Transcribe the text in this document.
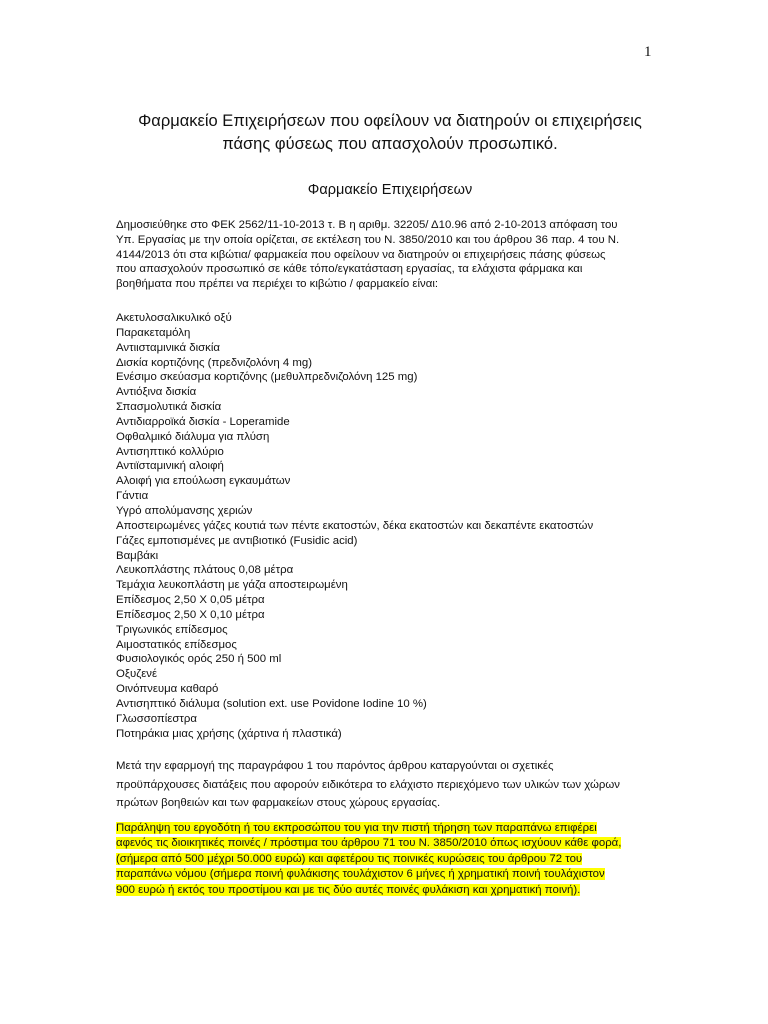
1
Φαρμακείο Επιχειρήσεων που οφείλουν να διατηρούν οι επιχειρήσεις
πάσης φύσεως που απασχολούν προσωπικό.
Φαρμακείο Επιχειρήσεων

Δημοσιεύθηκε στο ΦΕΚ 2562/11-10-2013 τ. Β η αριθμ. 32205/ Δ10.96 από 2-10-2013 απόφαση του

Υπ. Εργασίας με την οποία ορίζεται, σε εκτέλεση του Ν. 3850/2010 και του άρθρου 36 παρ. 4 του Ν.

4144/2013 ότι στα κιβώτια/ φαρμακεία που οφείλουν να διατηρούν οι επιχειρήσεις πάσης φύσεως

που απασχολούν προσωπικό σε κάθε τόπο/εγκατάσταση εργασίας, τα ελάχιστα φάρμακα και

βοηθήματα που πρέπει να περιέχει το κιβώτιο / φαρμακείο είναι:

Ακετυλοσαλικυλικό οξύ
Παρακεταμόλη
Αντιισταμινικά δισκία
Δισκία κορτιζόνης (πρεδνιζολόνη 4 mg)
Ενέσιμο σκεύασμα κορτιζόνης (μεθυλπρεδνιζολόνη 125 mg)
Αντιόξινα δισκία
Σπασμολυτικά δισκία
Αντιδιαρροϊκά δισκία - Loperamide
Οφθαλμικό διάλυμα για πλύση
Αντισηπτικό κολλύριο
Αντιϊσταμινική αλοιφή
Αλοιφή για επούλωση εγκαυμάτων
Γάντια
Υγρό απολύμανσης χεριών
Αποστειρωμένες γάζες κουτιά των πέντε εκατοστών, δέκα εκατοστών και δεκαπέντε εκατοστών
Γάζες εμποτισμένες με αντιβιοτικό (Fusidic acid)
Βαμβάκι
Λευκοπλάστης πλάτους 0,08 μέτρα
Τεμάχια λευκοπλάστη με γάζα αποστειρωμένη
Επίδεσμος 2,50 Χ 0,05 μέτρα
Επίδεσμος 2,50 Χ 0,10 μέτρα
Τριγωνικός επίδεσμος
Αιμοστατικός επίδεσμος
Φυσιολογικός ορός 250 ή 500 ml
Οξυζενέ
Οινόπνευμα καθαρό
Αντισηπτικό διάλυμα (solution ext. use Povidone Iodine 10 %)
Γλωσσοπίεστρα
Ποτηράκια μιας χρήσης (χάρτινα ή πλαστικά)

Μετά την εφαρμογή της παραγράφου 1 του παρόντος άρθρου καταργούνται οι σχετικές

προϋπάρχουσες διατάξεις που αφορούν ειδικότερα το ελάχιστο περιεχόμενο των υλικών των χώρων

πρώτων βοηθειών και των φαρμακείων στους χώρους εργασίας.

Παράληψη του εργοδότη ή του εκπροσώπου του για την πιστή τήρηση των παραπάνω επιφέρει

αφενός τις διοικητικές ποινές / πρόστιμα του άρθρου 71 του Ν. 3850/2010 όπως ισχύουν κάθε φορά,

(σήμερα από 500 μέχρι 50.000 ευρώ) και αφετέρου τις ποινικές κυρώσεις του άρθρου 72 του

παραπάνω νόμου (σήμερα ποινή φυλάκισης τουλάχιστον 6 μήνες ή χρηματική ποινή τουλάχιστον

900 ευρώ ή εκτός του προστίμου και με τις δύο αυτές ποινές φυλάκιση και χρηματική ποινή).
